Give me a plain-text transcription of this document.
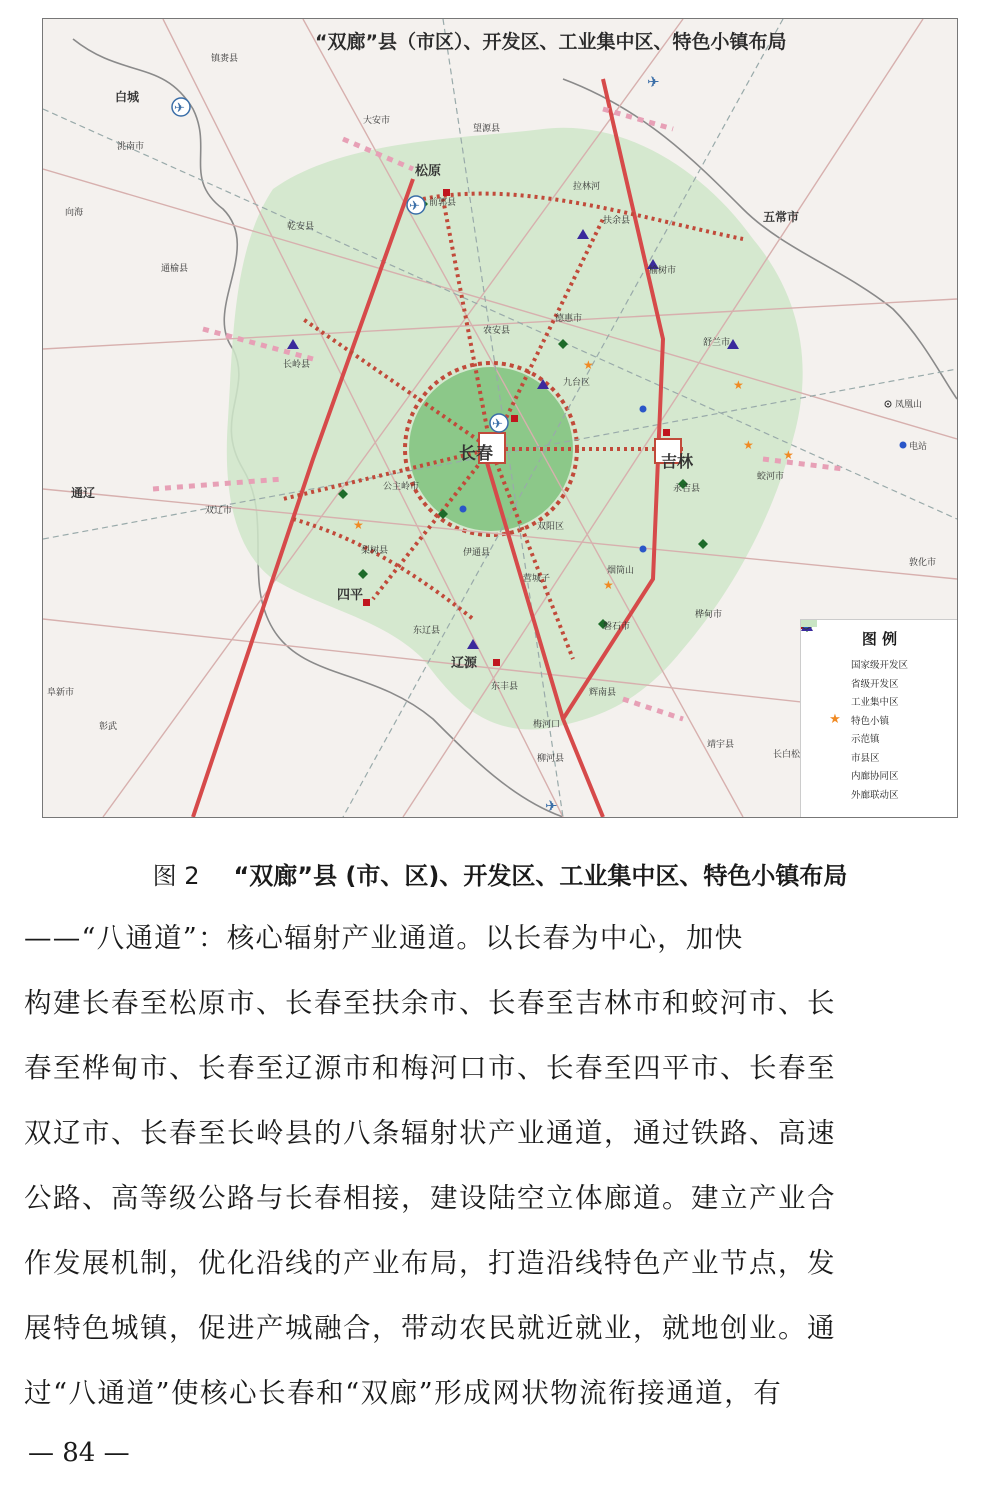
★
★
★
★
★
★
✈
✈
✈
✈
✈
长春	吉林
松原
四平
辽源
白城
通辽
五常市
敦化市
凤凰山
电站
双辽市
长岭县
乾安县
洮南市
向海
东丰县
梅河口
柳河县
磐石市
桦甸市
蛟河市
舒兰市
永吉县
榆树市
扶余县
农安县
德惠市
九台区
双阳区
伊通县
梨树县
公主岭市
东辽县
营城子
烟筒山
辉南县
靖宇县
长白松
望源县
大安市
镇赉县
拉林河
前郭县
通榆县
彰武
阜新市
“双廊”县（市区）、开发区、工业集中区、特色小镇布局
图 例
国家级开发区
省级开发区
工业集中区
★ 特色小镇
示范镇
市县区
内廊协同区
外廊联动区
图 2 “双廊”县 (市、区)、开发区、工业集中区、特色小镇布局
——“八通道”：核心辐射产业通道。以长春为中心，加快
构建长春至松原市、长春至扶余市、长春至吉林市和蛟河市、长
春至桦甸市、长春至辽源市和梅河口市、长春至四平市、长春至
双辽市、长春至长岭县的八条辐射状产业通道，通过铁路、高速
公路、高等级公路与长春相接，建设陆空立体廊道。建立产业合
作发展机制，优化沿线的产业布局，打造沿线特色产业节点，发
展特色城镇，促进产城融合，带动农民就近就业，就地创业。通
过“八通道”使核心长春和“双廊”形成网状物流衔接通道，有
— 84 —
